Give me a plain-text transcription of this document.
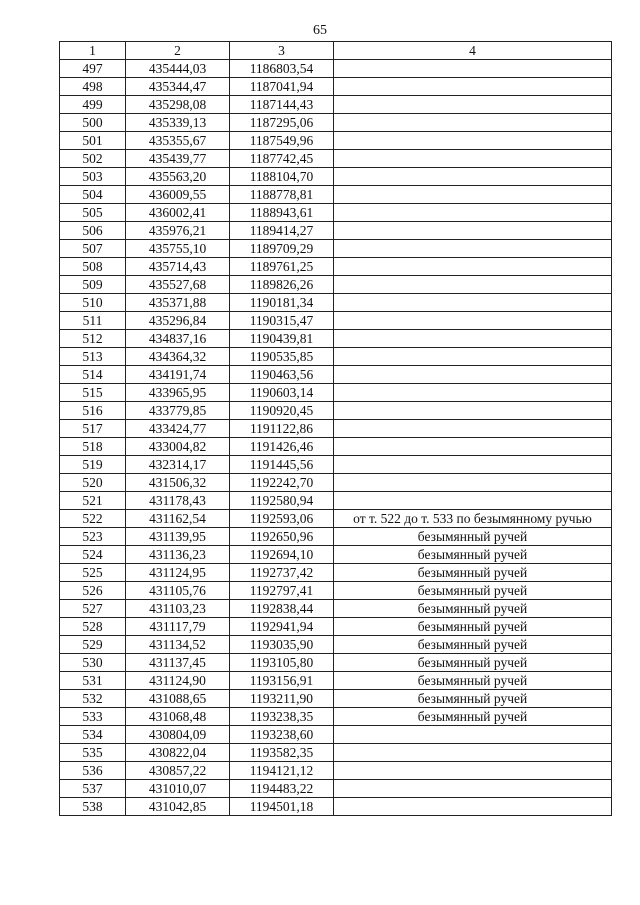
65
1	2	3	4
497	435444,03	1186803,54	
498	435344,47	1187041,94	
499	435298,08	1187144,43	
500	435339,13	1187295,06	
501	435355,67	1187549,96	
502	435439,77	1187742,45	
503	435563,20	1188104,70	
504	436009,55	1188778,81	
505	436002,41	1188943,61	
506	435976,21	1189414,27	
507	435755,10	1189709,29	
508	435714,43	1189761,25	
509	435527,68	1189826,26	
510	435371,88	1190181,34	
511	435296,84	1190315,47	
512	434837,16	1190439,81	
513	434364,32	1190535,85	
514	434191,74	1190463,56	
515	433965,95	1190603,14	
516	433779,85	1190920,45	
517	433424,77	1191122,86	
518	433004,82	1191426,46	
519	432314,17	1191445,56	
520	431506,32	1192242,70	
521	431178,43	1192580,94	
522	431162,54	1192593,06	от т. 522 до т. 533 по безымянному ручью
523	431139,95	1192650,96	безымянный ручей
524	431136,23	1192694,10	безымянный ручей
525	431124,95	1192737,42	безымянный ручей
526	431105,76	1192797,41	безымянный ручей
527	431103,23	1192838,44	безымянный ручей
528	431117,79	1192941,94	безымянный ручей
529	431134,52	1193035,90	безымянный ручей
530	431137,45	1193105,80	безымянный ручей
531	431124,90	1193156,91	безымянный ручей
532	431088,65	1193211,90	безымянный ручей
533	431068,48	1193238,35	безымянный ручей
534	430804,09	1193238,60	
535	430822,04	1193582,35	
536	430857,22	1194121,12	
537	431010,07	1194483,22	
538	431042,85	1194501,18	
